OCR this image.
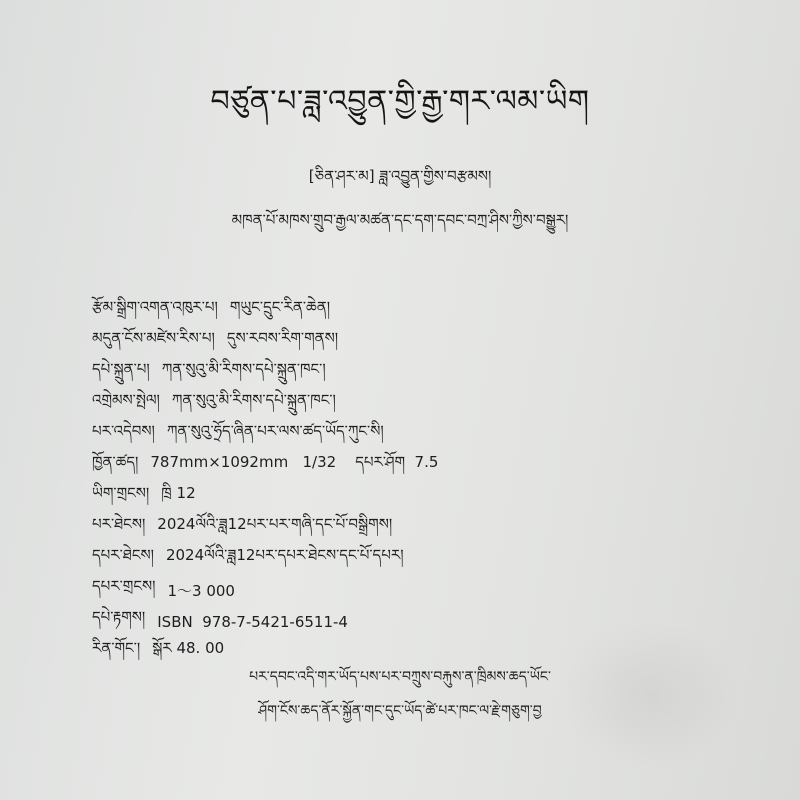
བཙུན་པ་ཟླ་འབྱུན་གྱི་རྒྱ་གར་ལམ་ཡིག
[ཅིན་ཤར་མ] ཟླ་འབྱུན་གྱིས་བརྩམས།
མཁན་པོ་མཁས་གྲུབ་རྒྱལ་མཚན་དང་དག་དབང་བཀྲ་ཤིས་ཀྱིས་བསྒྱུར།
རྩོམ་སྒྲིག་འགན་འཁུར་པ། གཡུང་དྲུང་རིན་ཆེན།
མདུན་ངོས་མཛེས་རིས་པ། དུས་རབས་རིག་གནས།
དཔེ་སྐྲུན་པ། ཀན་སུའུ་མི་རིགས་དཔེ་སྐྲུན་ཁང་།
འགྲེམས་སྤེལ། ཀན་སུའུ་མི་རིགས་དཔེ་སྐྲུན་ཁང་།
པར་འདེབས། ཀན་སུའུ་ཧྲོད་ཞིན་པར་ལས་ཚད་ཡོད་ཀུང་སི།
ཁྱོན་ཚད། 787mm×1092mm   1/32    དཔར་ཤོག  7.5
ཡིག་གྲངས། ཁྲི 12
པར་ཐེངས། 2024ལོའི་ཟླ12པར་པར་གཞི་དང་པོ་བསྒྲིགས།
དཔར་ཐེངས། 2024ལོའི་ཟླ12པར་དཔར་ཐེངས་དང་པོ་དཔར།
དཔར་གྲངས། 1～3 000
དཔེ་རྟགས། ISBN  978-7-5421-6511-4
རིན་གོང་། སྒོར 48. 00
པར་དབང་འདི་གར་ཡོད་པས་པར་བཀྲུས་བརྐུས་ན་ཁྲིམས་ཆད་ཡོང་
ཤོག་ངོས་ཆད་ནོར་སྐྱོན་གང་དུང་ཡོད་ཚེ་པར་ཁང་ལ་རྗེ་གཅུག་བྱ
